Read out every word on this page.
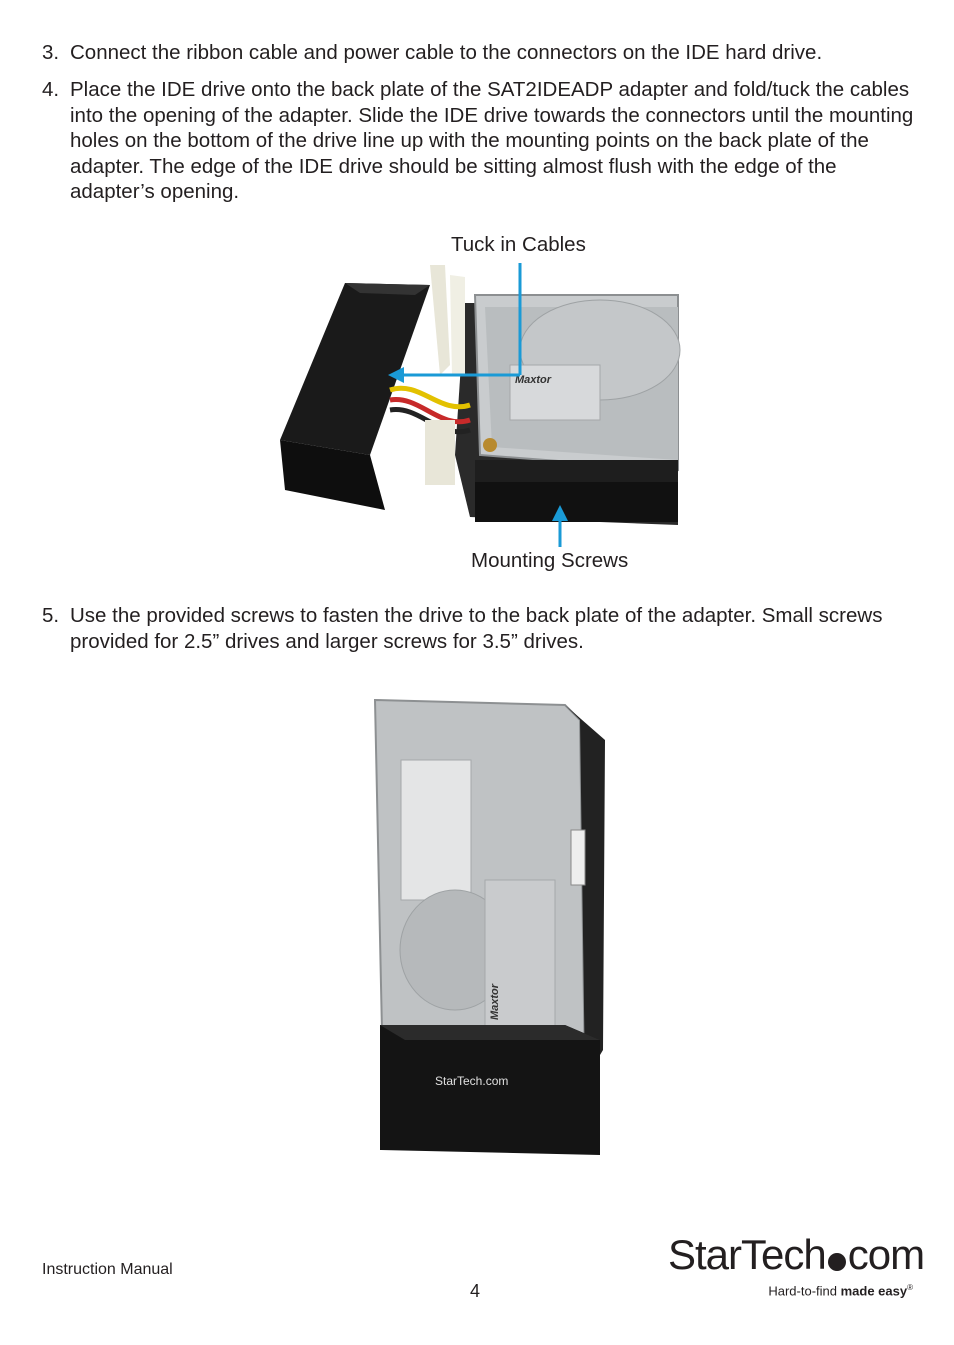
3. Connect the ribbon cable and power cable to the connectors on the IDE hard drive.
4. Place the IDE drive onto the back plate of the SAT2IDEADP adapter and fold/tuck the cables into the opening of the adapter. Slide the IDE drive towards the connectors until the mounting holes on the bottom of the drive line up with the mounting points on the back plate of the adapter. The edge of the IDE drive should be sitting almost flush with the edge of the adapter’s opening.
Tuck in Cables
Maxtor
Mounting Screws
5. Use the provided screws to fasten the drive to the back plate of the adapter. Small screws provided for 2.5” drives and larger screws for 3.5” drives.
Maxtor
StarTech.com
Instruction Manual
4
StarTech com
Hard-to-find made easy®
